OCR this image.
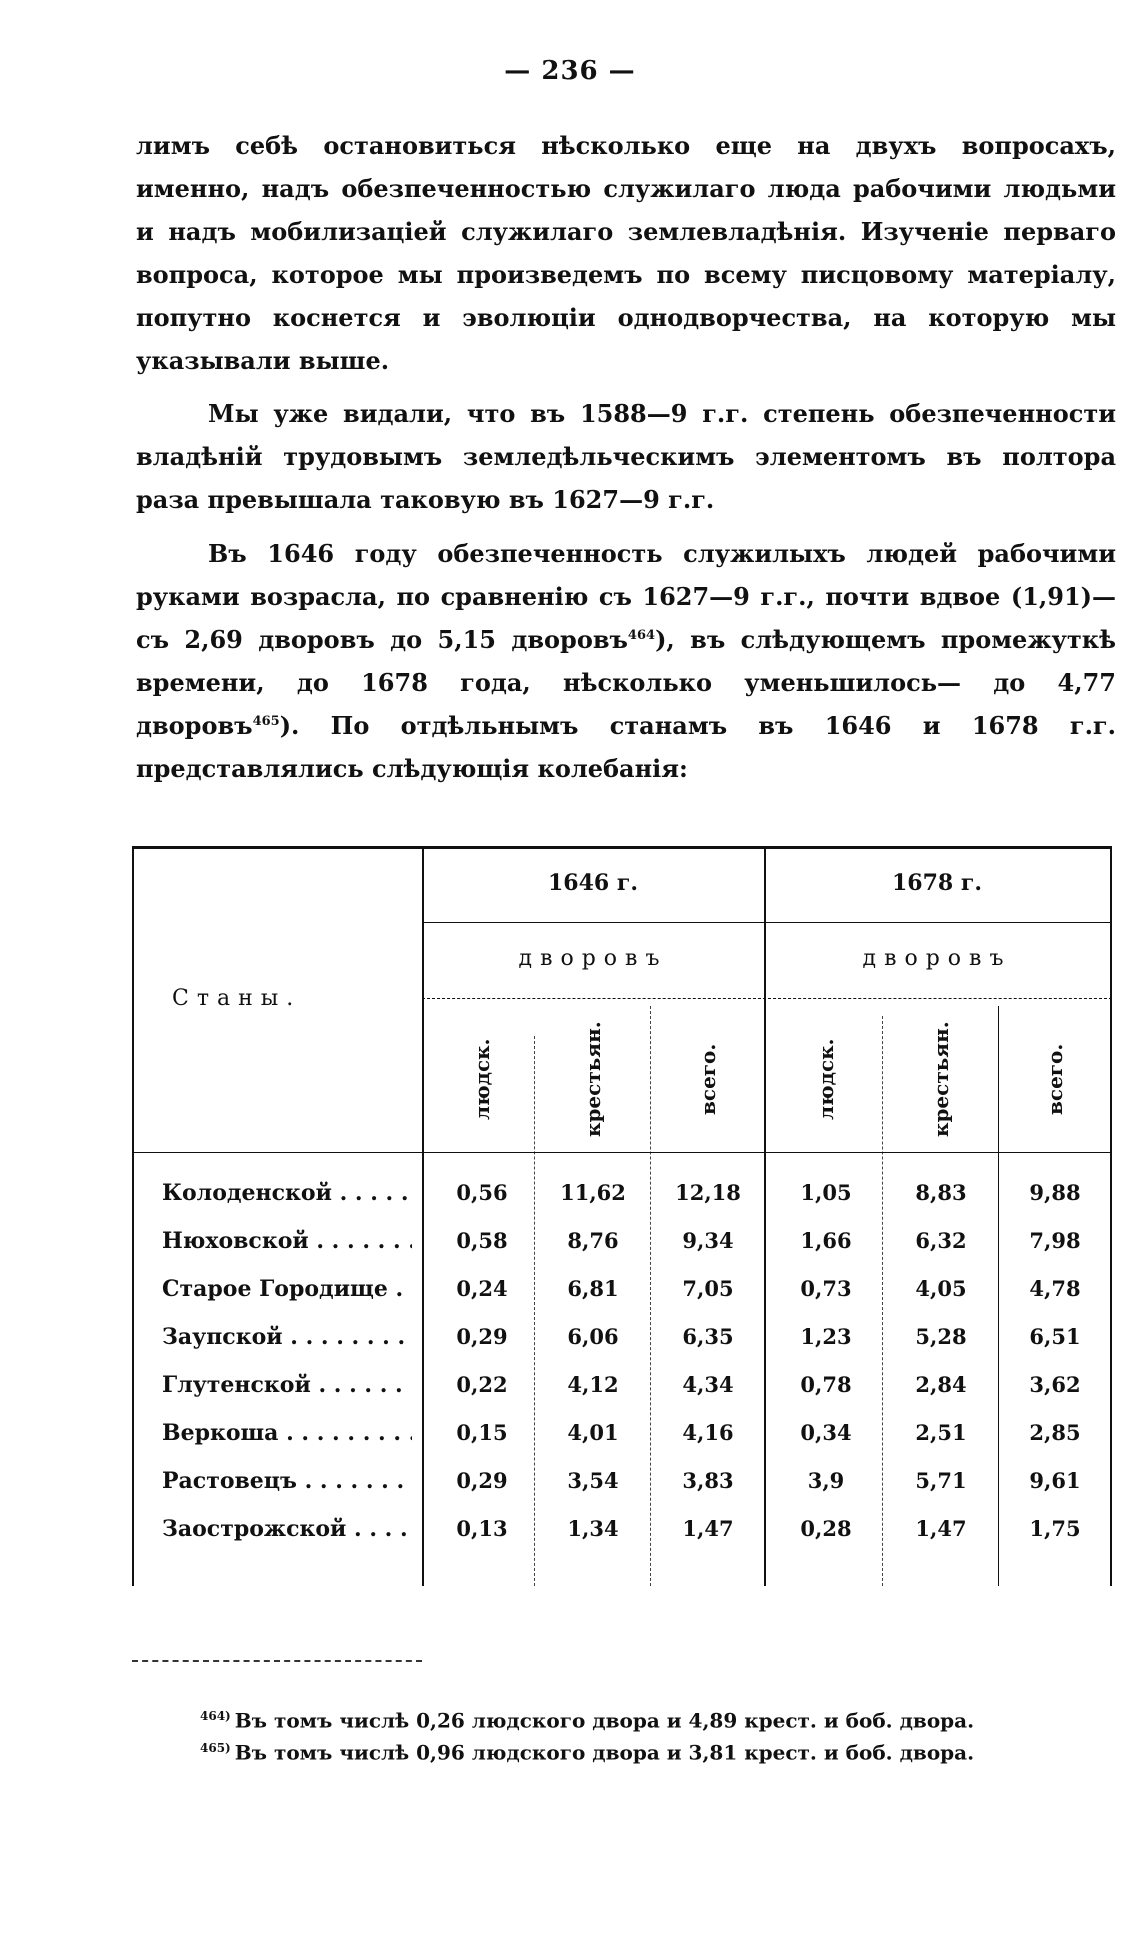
— 236 —
лимъ себѣ остановиться нѣсколько еще на двухъ вопросахъ, именно, надъ обезпеченностью служилаго люда рабочими людьми и надъ мобилизаціей служилаго землевладѣнія. Изученіе перваго вопроса, которое мы произведемъ по всему писцовому матеріалу, попутно коснется и эволюціи однодворчества, на которую мы указывали выше.
Мы уже видали, что въ 1588—9 г.г. степень обезпеченности владѣній трудовымъ земледѣльческимъ элементомъ въ полтора раза превышала таковую въ 1627—9 г.г.
Въ 1646 году обезпеченность служилыхъ людей рабочими руками возрасла, по сравненію съ 1627—9 г.г., почти вдвое (1,91)—съ 2,69 дворовъ до 5,15 дворовъ$^{464}$), въ слѣдующемъ промежуткѣ времени, до 1678 года, нѣсколько уменьшилось— до 4,77 дворовъ$^{465}$). По отдѣльнымъ станамъ въ 1646 и 1678 г.г. представлялись слѣдующія колебанія:
1646 г.	1678 г.
дворовъ	дворовъ
Станы.
людск.	крестьян.	всего.	людск.	крестьян.	всего.
Колоденской . . .	0,56	11,62	12,18	1,05	8,83	9,88
Нюховской . . .	0,58	8,76	9,34	1,66	6,32	7,98
Старое Городище . . .	0,24	6,81	7,05	0,73	4,05	4,78
Заупской . . .	0,29	6,06	6,35	1,23	5,28	6,51
Глутенской . . .	0,22	4,12	4,34	0,78	2,84	3,62
Веркоша . . .	0,15	4,01	4,16	0,34	2,51	2,85
Растовецъ . . .	0,29	3,54	3,83	3,9	5,71	9,61
Заострожской . . .	0,13	1,34	1,47	0,28	1,47	1,75
$^{464)}$ Въ томъ числѣ 0,26 людского двора и 4,89 крест. и боб. двора.
$^{465)}$ Въ томъ числѣ 0,96 людского двора и 3,81 крест. и боб. двора.
